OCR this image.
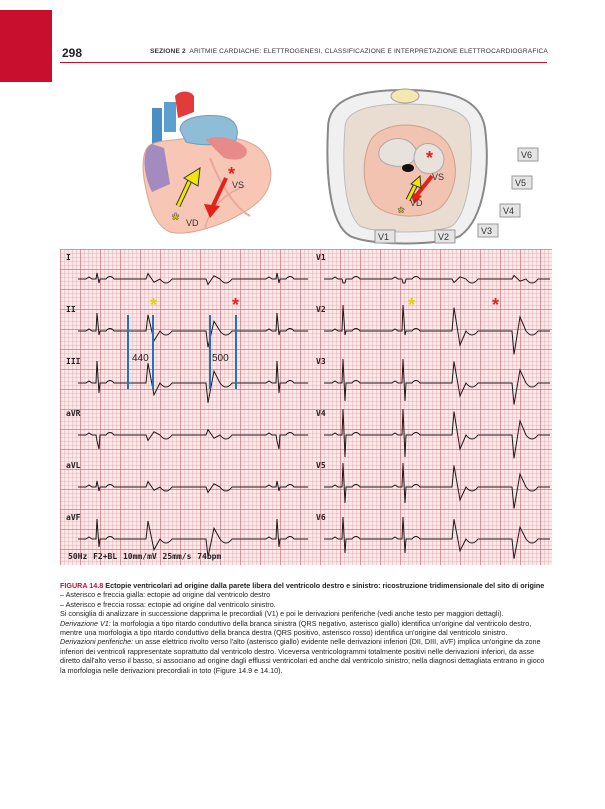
298	SEZIONE 2 ARITMIE CARDIACHE: ELETTROGENESI, CLASSIFICAZIONE E INTERPRETAZIONE ELETTROCARDIOGRAFICA
*
*
VS
VD
*
*
VS
VD
V6
V5
V4
V3
V2
V1
*	*	*	*
I
II
III
aVR
aVL
aVF
V1
V2
V3
V4
V5
V6
440	500
50Hz F2+BL 10mm/mV 25mm/s 74bpm

FIGURA 14.8 Ectopie ventricolari ad origine dalla parete libera del ventricolo destro e sinistro: ricostruzione tridimensionale del sito di origine

– Asterisco e freccia gialla: ectopie ad origine dal ventricolo destro

– Asterisco e freccia rossa: ectopie ad origine dal ventricolo sinistro.

Si consiglia di analizzare in successione dapprima le precordiali (V1) e poi le derivazioni periferiche (vedi anche testo per maggiori dettagli).

Derivazione V1: la morfologia a tipo ritardo conduttivo della branca sinistra (QRS negativo, asterisco giallo) identifica un'origine dal ventricolo destro, mentre una morfologia a tipo ritardo conduttivo della branca destra (QRS positivo, asterisco rosso) identifica un'origine dal ventricolo sinistro.

Derivazioni periferiche: un asse elettrico rivolto verso l'alto (asterisco giallo) evidente nelle derivazioni inferiori (DII, DIII, aVF) implica un'origine da zone inferiori dei ventricoli rappresentate soprattutto dal ventricolo destro. Viceversa ventricologrammi totalmente positivi nelle derivazioni inferiori, da asse diretto dall'alto verso il basso, si associano ad origine dagli efflussi ventricolari ed anche dal ventricolo sinistro; nella diagnosi dettagliata entrano in gioco la morfologia nelle derivazioni precordiali in toto (Figure 14.9 e 14.10).
